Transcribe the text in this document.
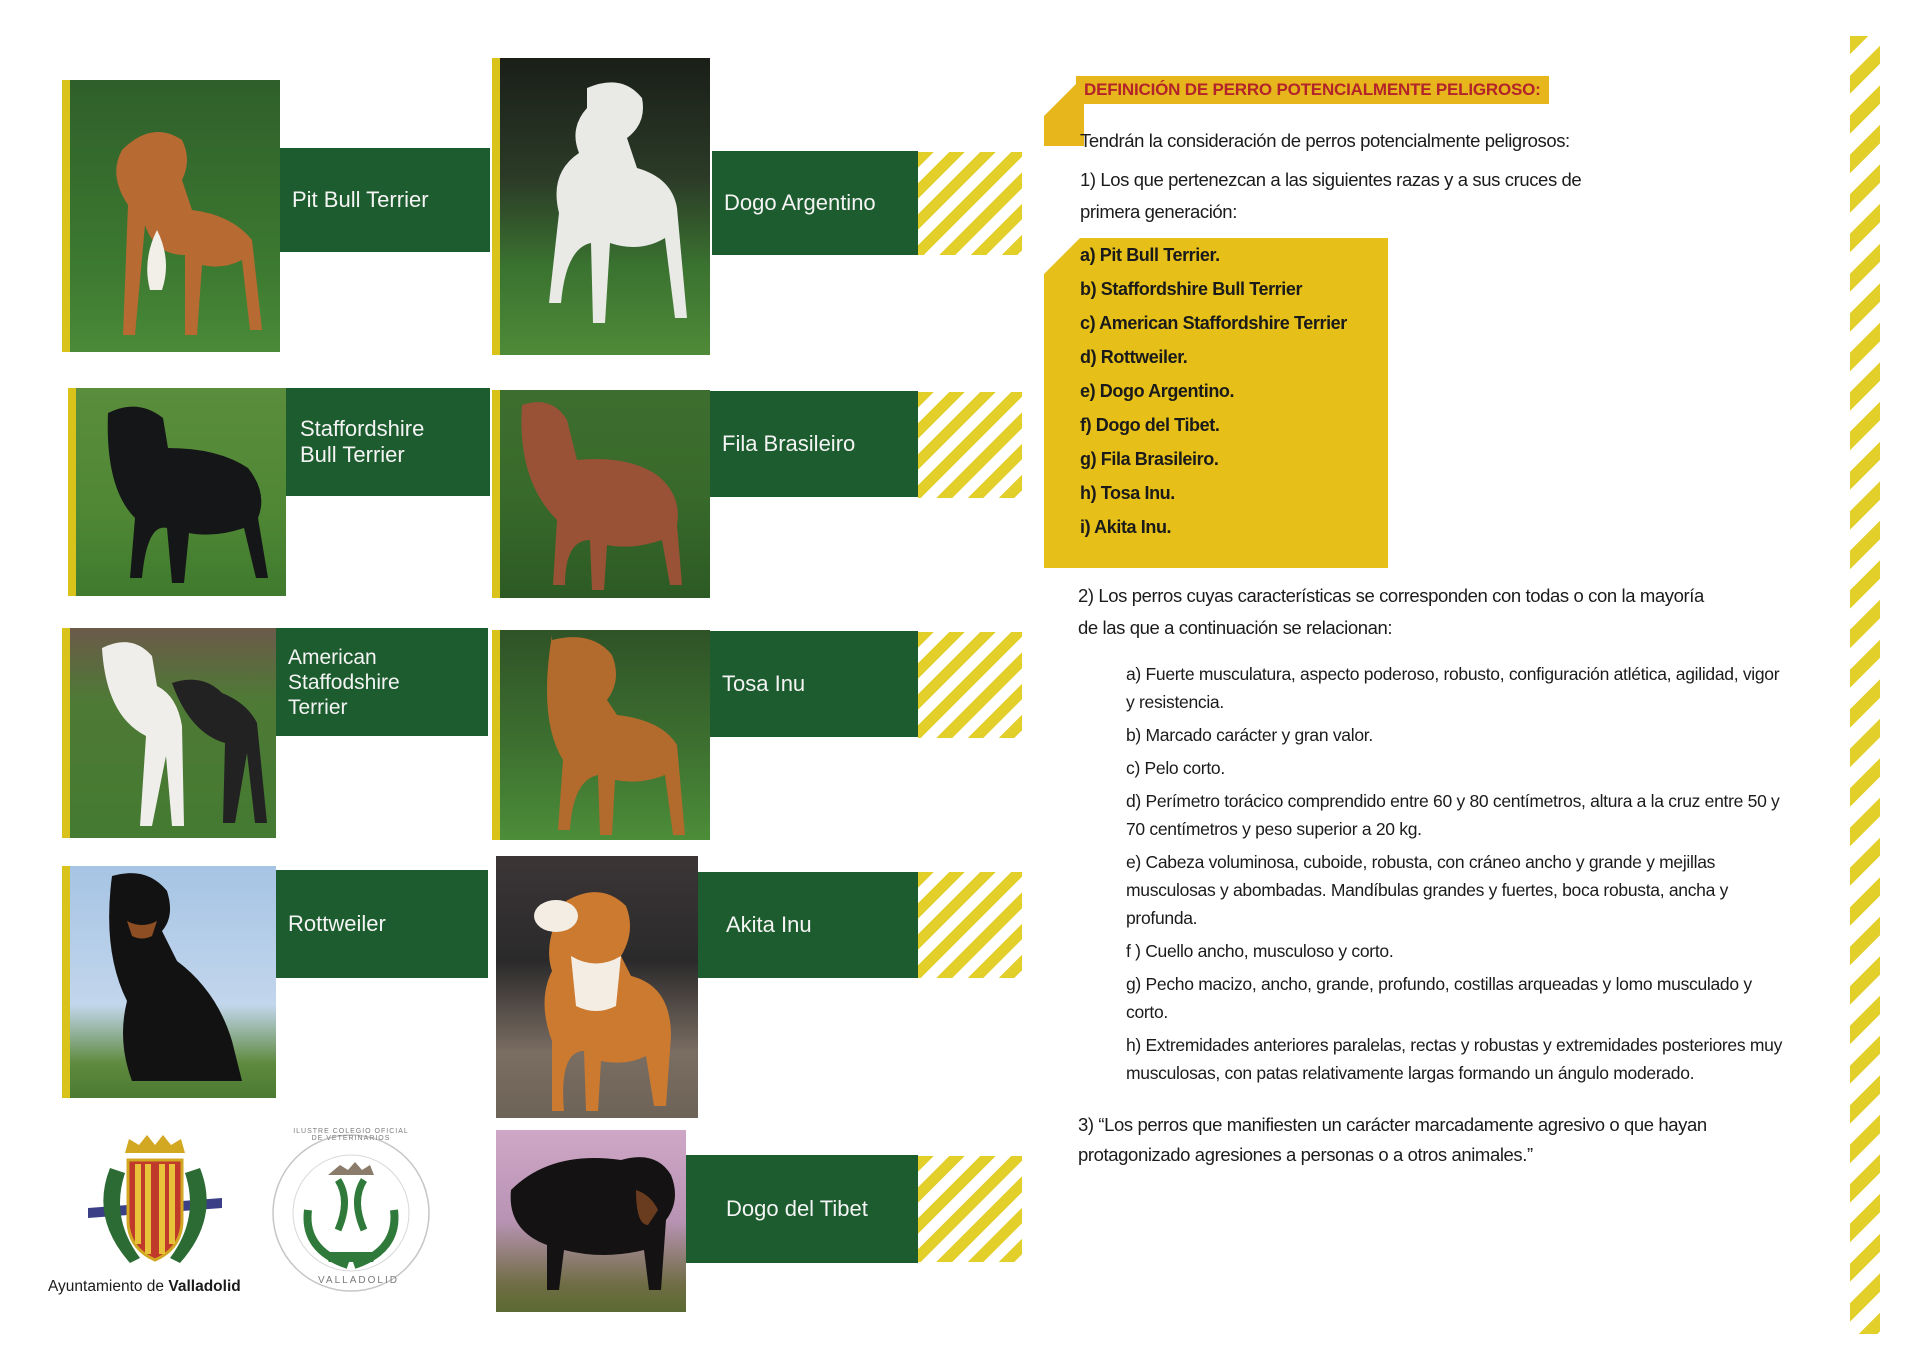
Pit Bull Terrier	Dogo Argentino
Staffordshire
Bull Terrier	Fila Brasileiro
American
Staffodshire
Terrier
Tosa Inu
Rottweiler	Akita Inu
Dogo del Tibet
Ayuntamiento de Valladolid
ILUSTRE COLEGIO OFICIAL DE VETERINARIOS
VALLADOLID
DEFINICIÓN DE PERRO POTENCIALMENTE PELIGROSO:
Tendrán la consideración de perros potencialmente peligrosos:
1) Los que pertenezcan a las siguientes razas y a sus cruces de primera generación:
a) Pit Bull Terrier.
b) Staffordshire Bull Terrier
c) American Staffordshire Terrier
d) Rottweiler.
e) Dogo Argentino.
f) Dogo del Tibet.
g) Fila Brasileiro.
h) Tosa Inu.
i) Akita Inu.
2) Los perros cuyas características se corresponden con todas o con la mayoría de las que a continuación se relacionan:
a) Fuerte musculatura, aspecto poderoso, robusto, configuración atlética, agilidad, vigor y resistencia.
b) Marcado carácter y gran valor.
c) Pelo corto.
d) Perímetro torácico comprendido entre 60 y 80 centímetros, altura a la cruz entre 50 y 70 centímetros y peso superior a 20 kg.
e) Cabeza voluminosa, cuboide, robusta, con cráneo ancho y grande y mejillas musculosas y abombadas. Mandíbulas grandes y fuertes, boca robusta, ancha y profunda.
f ) Cuello ancho, musculoso y corto.
g) Pecho macizo, ancho, grande, profundo, costillas arqueadas y lomo musculado y corto.
h) Extremidades anteriores paralelas, rectas y robustas y extremidades posteriores muy musculosas, con patas relativamente largas formando un ángulo moderado.
3) “Los perros que manifiesten un carácter marcadamente agresivo o que hayan protagonizado agresiones a personas o a otros animales.”
